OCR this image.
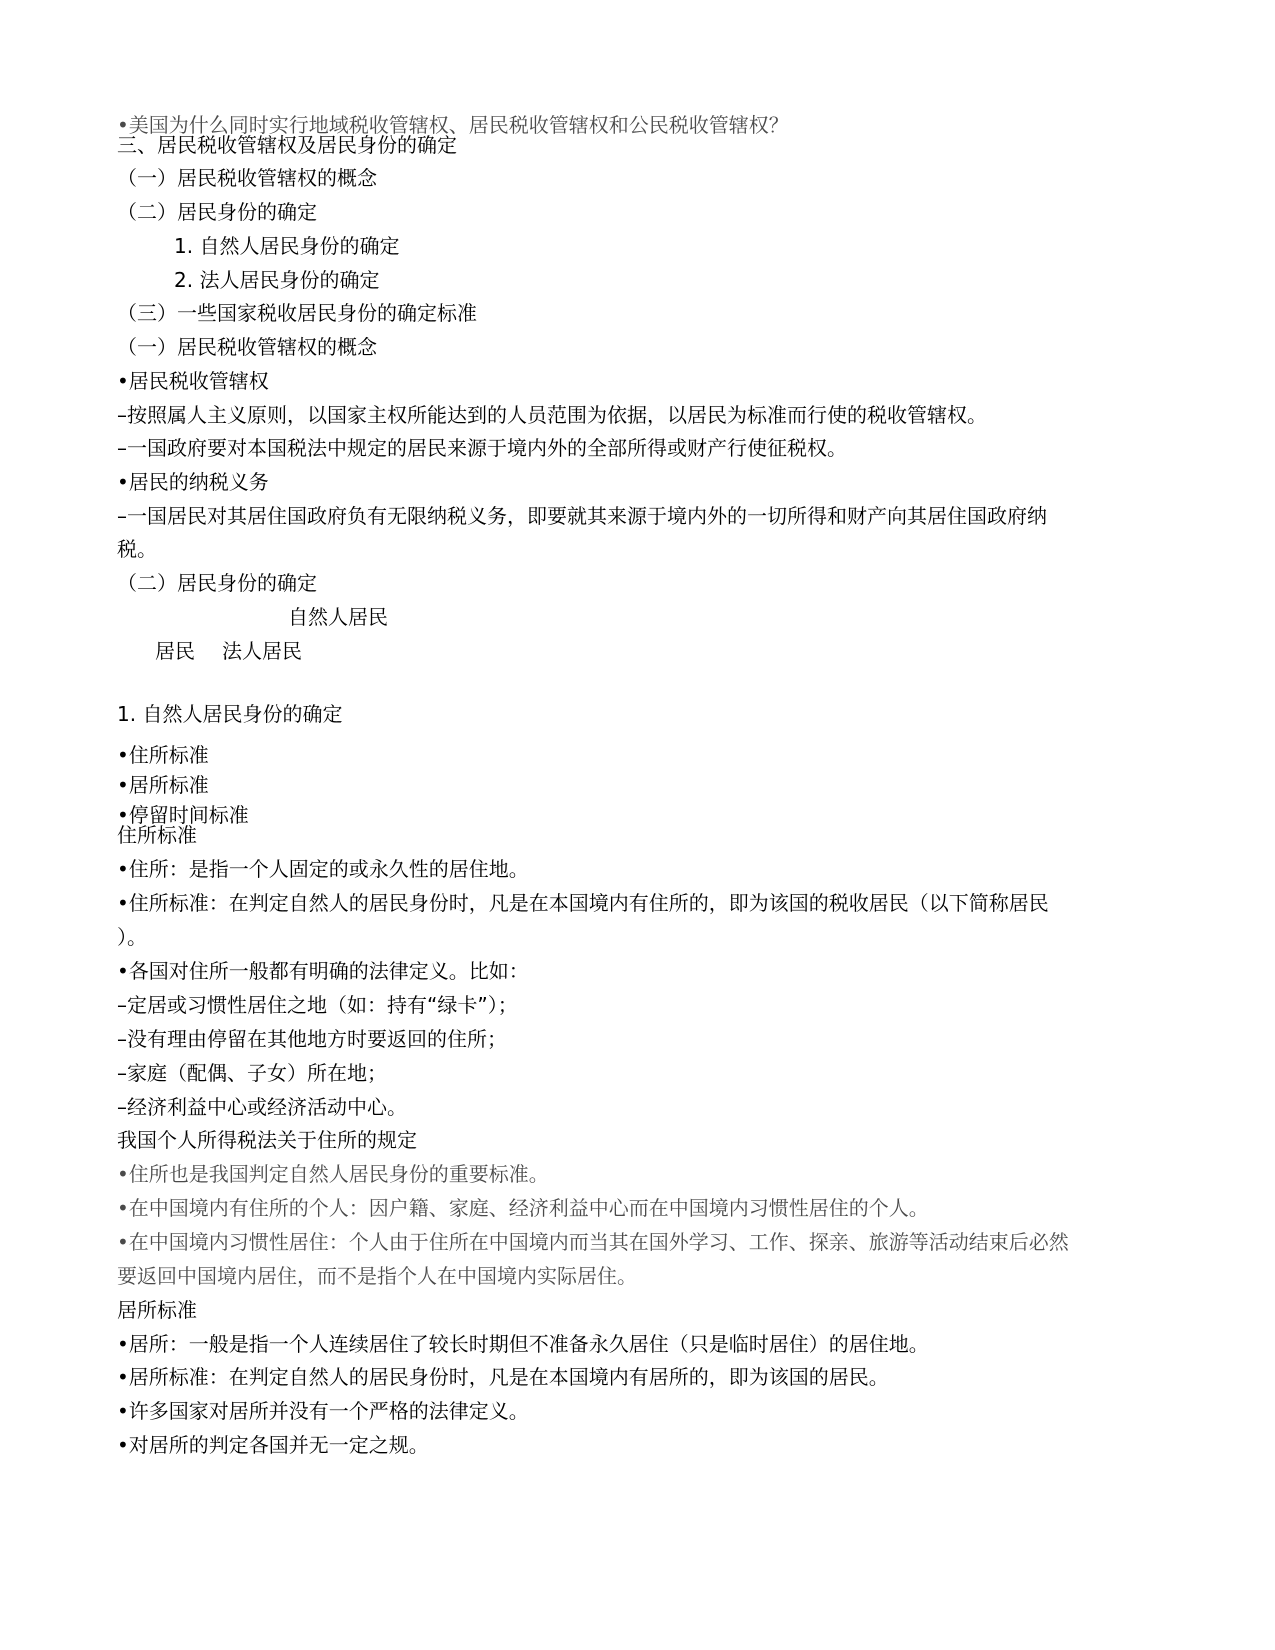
•美国为什么同时实行地域税收管辖权、居民税收管辖权和公民税收管辖权？
三、居民税收管辖权及居民身份的确定
（一）居民税收管辖权的概念
（二）居民身份的确定
1. 自然人居民身份的确定
2. 法人居民身份的确定
（三）一些国家税收居民身份的确定标准
（一）居民税收管辖权的概念
•居民税收管辖权
–按照属人主义原则，以国家主权所能达到的人员范围为依据，以居民为标准而行使的税收管辖权。
–一国政府要对本国税法中规定的居民来源于境内外的全部所得或财产行使征税权。
•居民的纳税义务
–一国居民对其居住国政府负有无限纳税义务，即要就其来源于境内外的一切所得和财产向其居住国政府纳
税。
（二）居民身份的确定
自然人居民
居民 法人居民
1. 自然人居民身份的确定
•住所标准
•居所标准
•停留时间标准
住所标准
•住所：是指一个人固定的或永久性的居住地。
•住所标准：在判定自然人的居民身份时，凡是在本国境内有住所的，即为该国的税收居民（以下简称居民
）。
•各国对住所一般都有明确的法律定义。比如：
–定居或习惯性居住之地（如：持有“绿卡”）；
–没有理由停留在其他地方时要返回的住所；
–家庭（配偶、子女）所在地；
–经济利益中心或经济活动中心。
我国个人所得税法关于住所的规定
•住所也是我国判定自然人居民身份的重要标准。
•在中国境内有住所的个人：因户籍、家庭、经济利益中心而在中国境内习惯性居住的个人。
•在中国境内习惯性居住：个人由于住所在中国境内而当其在国外学习、工作、探亲、旅游等活动结束后必然
要返回中国境内居住，而不是指个人在中国境内实际居住。
居所标准
•居所：一般是指一个人连续居住了较长时期但不准备永久居住（只是临时居住）的居住地。
•居所标准：在判定自然人的居民身份时，凡是在本国境内有居所的，即为该国的居民。
•许多国家对居所并没有一个严格的法律定义。
•对居所的判定各国并无一定之规。
